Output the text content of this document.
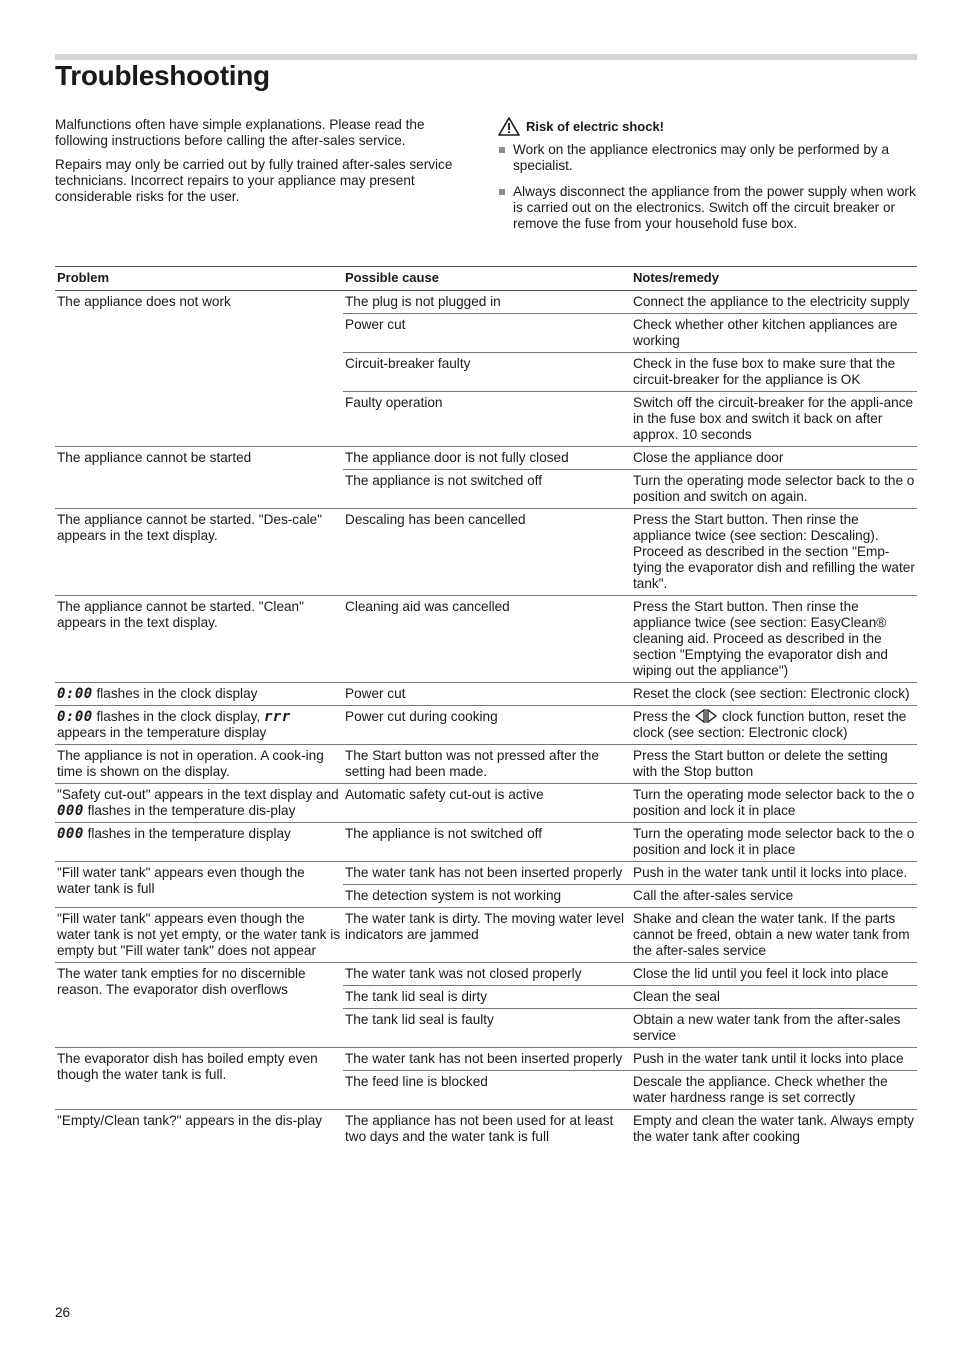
Troubleshooting

Malfunctions often have simple explanations. Please read the following instructions before calling the after-sales service.

Repairs may only be carried out by fully trained after-sales service technicians. Incorrect repairs to your appliance may present considerable risks for the user.

Risk of electric shock!
Work on the appliance electronics may only be performed by a specialist.
Always disconnect the appliance from the power supply when work is carried out on the electronics. Switch off the circuit breaker or remove the fuse from your household fuse box.
Problem	Possible cause	Notes/remedy
The appliance does not work	The plug is not plugged in	Connect the appliance to the electricity supply
	Power cut	Check whether other kitchen appliances are working
	Circuit-breaker faulty	Check in the fuse box to make sure that the circuit-breaker for the appliance is OK
	Faulty operation	Switch off the circuit-breaker for the appli-ance in the fuse box and switch it back on after approx. 10 seconds
The appliance cannot be started	The appliance door is not fully closed	Close the appliance door
	The appliance is not switched off	Turn the operating mode selector back to the o position and switch on again.
The appliance cannot be started. "Des-cale" appears in the text display.	Descaling has been cancelled	Press the Start button. Then rinse the appliance twice (see section: Descaling). Proceed as described in the section "Emp-tying the evaporator dish and refilling the water tank".
The appliance cannot be started. "Clean" appears in the text display.	Cleaning aid was cancelled	Press the Start button. Then rinse the appliance twice (see section: EasyClean® cleaning aid. Proceed as described in the section "Emptying the evaporator dish and wiping out the appliance")
0:00 flashes in the clock display	Power cut	Reset the clock (see section: Electronic clock)
0:00 flashes in the clock display, rrr appears in the temperature display	Power cut during cooking	Press the  clock function button, reset the clock (see section: Electronic clock)
The appliance is not in operation. A cook-ing time is shown on the display.	The Start button was not pressed after the setting had been made.	Press the Start button or delete the setting with the Stop button
"Safety cut-out" appears in the text display and 000 flashes in the temperature dis-play	Automatic safety cut-out is active	Turn the operating mode selector back to the o position and lock it in place
000 flashes in the temperature display	The appliance is not switched off	Turn the operating mode selector back to the o position and lock it in place
"Fill water tank" appears even though the water tank is full	The water tank has not been inserted properly	Push in the water tank until it locks into place.
	The detection system is not working	Call the after-sales service
"Fill water tank" appears even though the water tank is not yet empty, or the water tank is empty but "Fill water tank" does not appear	The water tank is dirty. The moving water level indicators are jammed	Shake and clean the water tank. If the parts cannot be freed, obtain a new water tank from the after-sales service
The water tank empties for no discernible reason. The evaporator dish overflows	The water tank was not closed properly	Close the lid until you feel it lock into place
	The tank lid seal is dirty	Clean the seal
	The tank lid seal is faulty	Obtain a new water tank from the after-sales service
The evaporator dish has boiled empty even though the water tank is full.	The water tank has not been inserted properly	Push in the water tank until it locks into place
	The feed line is blocked	Descale the appliance. Check whether the water hardness range is set correctly
"Empty/Clean tank?" appears in the dis-play	The appliance has not been used for at least two days and the water tank is full	Empty and clean the water tank. Always empty the water tank after cooking
26
